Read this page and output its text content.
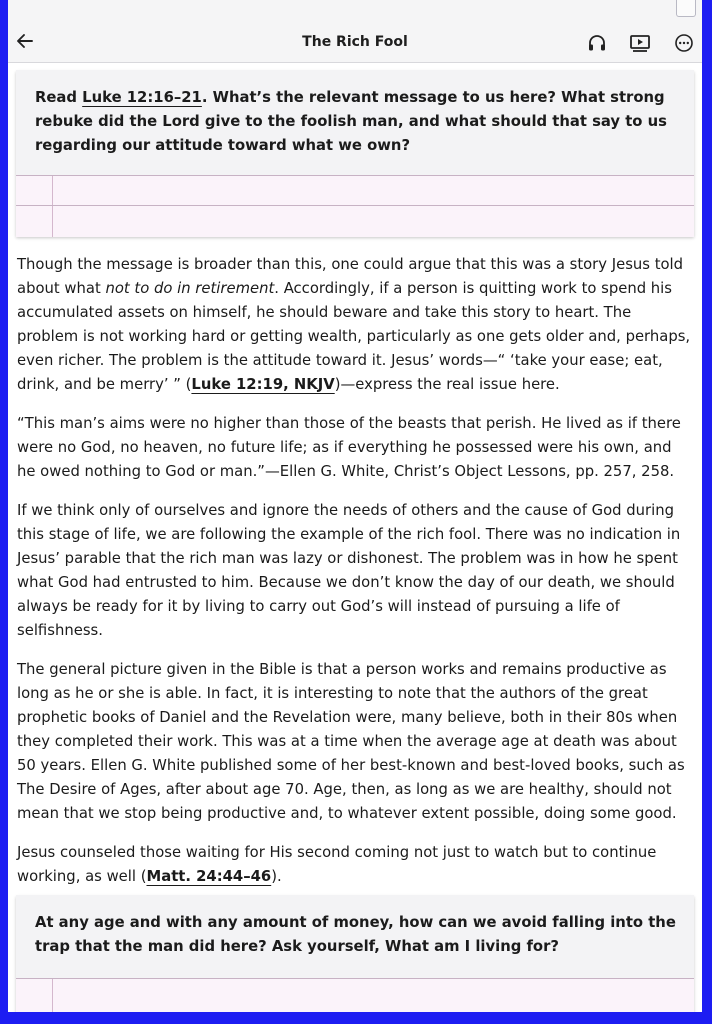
The Rich Fool
Read Luke 12:16–21. What’s the relevant message to us here? What strong rebuke did the Lord give to the foolish man, and what should that say to us regarding our attitude toward what we own?

Though the message is broader than this, one could argue that this was a story Jesus told about what not to do in retirement. Accordingly, if a person is quitting work to spend his accumulated assets on himself, he should beware and take this story to heart. The problem is not working hard or getting wealth, particularly as one gets older and, perhaps, even richer. The problem is the attitude toward it. Jesus’ words—“ ‘take your ease; eat, drink, and be merry’ ” (Luke 12:19, NKJV)—express the real issue here.

“This man’s aims were no higher than those of the beasts that perish. He lived as if there were no God, no heaven, no future life; as if everything he possessed were his own, and he owed nothing to God or man.”—Ellen G. White, Christ’s Object Lessons, pp. 257, 258.

If we think only of ourselves and ignore the needs of others and the cause of God during this stage of life, we are following the example of the rich fool. There was no indication in Jesus’ parable that the rich man was lazy or dishonest. The problem was in how he spent what God had entrusted to him. Because we don’t know the day of our death, we should always be ready for it by living to carry out God’s will instead of pursuing a life of selfishness.

The general picture given in the Bible is that a person works and remains productive as long as he or she is able. In fact, it is interesting to note that the authors of the great prophetic books of Daniel and the Revelation were, many believe, both in their 80s when they completed their work. This was at a time when the average age at death was about 50 years. Ellen G. White published some of her best-known and best-loved books, such as The Desire of Ages, after about age 70. Age, then, as long as we are healthy, should not mean that we stop being productive and, to whatever extent possible, doing some good.

Jesus counseled those waiting for His second coming not just to watch but to continue working, as well (Matt. 24:44–46).

At any age and with any amount of money, how can we avoid falling into the trap that the man did here? Ask yourself, What am I living for?
